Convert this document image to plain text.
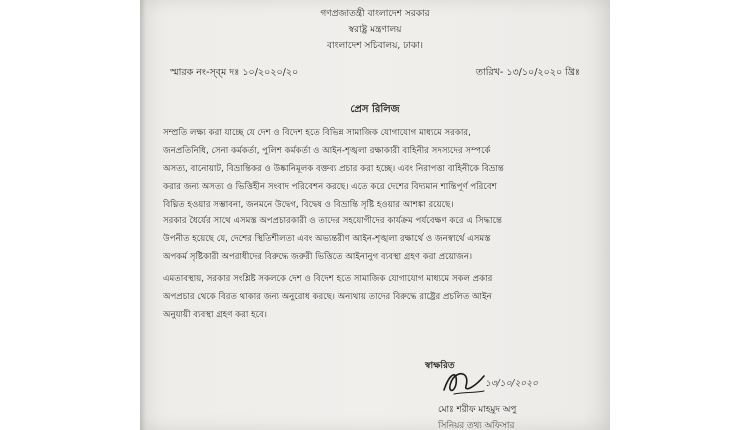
গণপ্রজাতন্ত্রী বাংলাদেশ সরকার
স্বরাষ্ট্র মন্ত্রণালয়
বাংলাদেশ সচিবালয়, ঢাকা।
স্মারক নং-স্ব্ম দঃ ১০/২০২০/২০	তারিখ- ১৩/১০/২০২০ খ্রিঃ
প্রেস রিলিজ
সম্প্রতি লক্ষ্য করা যাচ্ছে যে দেশ ও বিদেশ হতে বিভিন্ন সামাজিক যোগাযোগ মাধ্যমে সরকার,
জনপ্রতিনিধি, সেনা কর্মকর্তা, পুলিশ কর্মকর্তা ও আইন-শৃঙ্খলা রক্ষাকারী বাহিনীর সদস্যদের সম্পর্কে
অসত্য, বানোয়াট, বিভ্রান্তিকর ও উষ্কানিমূলক বক্তব্য প্রচার করা হচ্ছে। এবং নিরাপত্তা বাহিনীকে বিভ্রান্ত
করার জন্য অসত্য ও ভিত্তিহীন সংবাদ পরিবেশন করছে। এতে করে দেশের বিদ্যমান শান্তিপূর্ণ পরিবেশ
বিঘ্নিত হওয়ার সম্ভাবনা, জনমনে উদ্বেগ, বিদ্বেষ ও বিভ্রান্তি সৃষ্টি হওয়ার আশঙ্কা রয়েছে।
সরকার ধৈর্যের সাথে এসমস্ত অপপ্রচারকারী ও তাদের সহযোগীদের কার্যক্রম পর্যবেক্ষণ করে এ সিদ্ধান্তে
উপনীত হয়েছে যে, দেশের স্থিতিশীলতা এবং অভ্যন্তরীণ আইন-শৃঙ্খলা রক্ষার্থে ও জনস্বার্থে এসমস্ত
অপকর্ম সৃষ্টিকারী অপরাধীদের বিরুদ্ধে জরুরী ভিত্তিতে আইনানুগ ব্যবস্থা গ্রহণ করা প্রয়োজন।
এমতাবস্থায়, সরকার সংশ্লিষ্ট সকলকে দেশ ও বিদেশ হতে সামাজিক যোগাযোগ মাধ্যমে সকল প্রকার
অপপ্রচার থেকে বিরত থাকার জন্য অনুরোধ করছে। অন্যথায় তাদের বিরুদ্ধে রাষ্ট্রের প্রচলিত আইন
অনুযায়ী ব্যবস্থা গ্রহণ করা হবে।
স্বাক্ষরিত
১৩/১০/২০২০
মোঃ শরীফ মাহমুদ অপু
সিনিয়র তথ্য অফিসার
